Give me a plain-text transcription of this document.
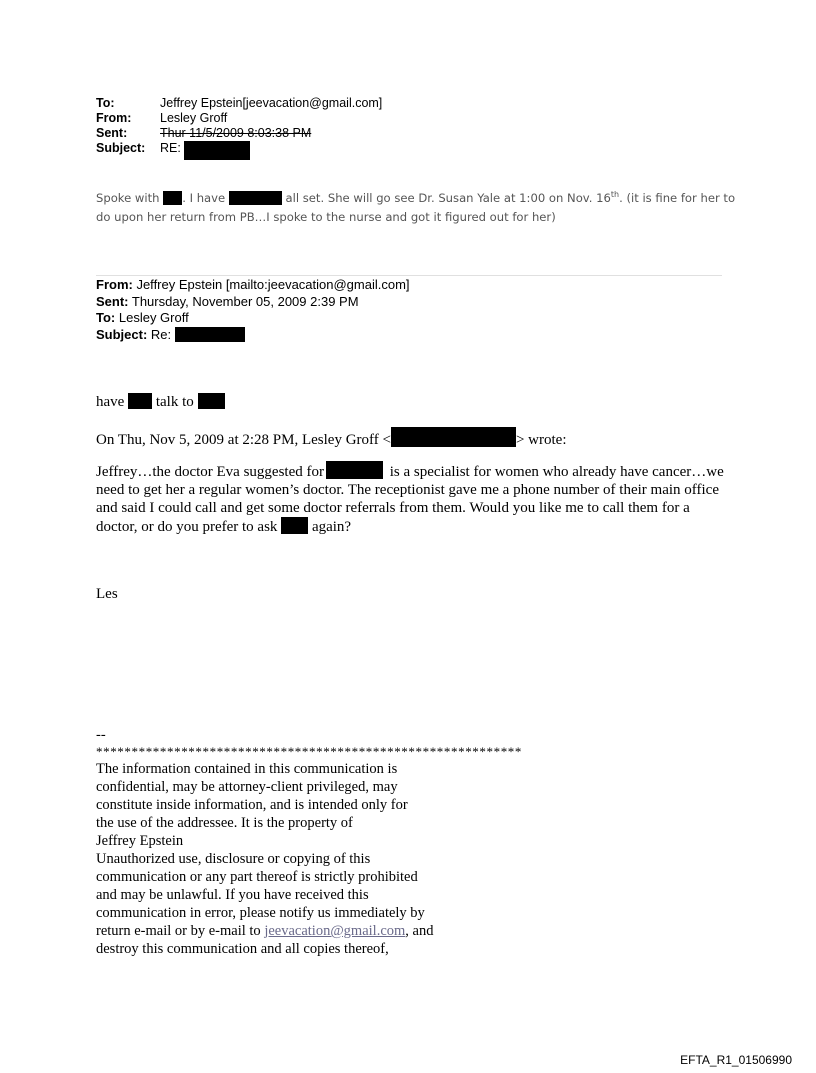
To:	Jeffrey Epstein[jeevacation@gmail.com]
From:	Lesley Groff
Sent:	Thur 11/5/2009 8:03:38 PM
Subject:	RE:
Spoke with . I have	all set. She will go see Dr. Susan Yale at 1:00 on Nov. 16th. (it is fine for her to do upon her return from PB…I spoke to the nurse and got it figured out for her)
From: Jeffrey Epstein [mailto:jeevacation@gmail.com]
Sent: Thursday, November 05, 2009 2:39 PM
To: Lesley Groff
Subject: Re:
have talk to
On Thu, Nov 5, 2009 at 2:28 PM, Lesley Groff <	> wrote:
Jeffrey…the doctor Eva suggested for	is a specialist for women who already have cancer…we need to get her a regular women’s doctor. The receptionist gave me a phone number of their main office and said I could call and get some doctor referrals from them. Would you like me to call them for a doctor, or do you prefer to ask again?
Les
--
************************************************************
The information contained in this communication is
confidential, may be attorney-client privileged, may
constitute inside information, and is intended only for
the use of the addressee. It is the property of
Jeffrey Epstein
Unauthorized use, disclosure or copying of this
communication or any part thereof is strictly prohibited
and may be unlawful. If you have received this
communication in error, please notify us immediately by
return e-mail or by e-mail to jeevacation@gmail.com, and
destroy this communication and all copies thereof,
EFTA_R1_01506990
